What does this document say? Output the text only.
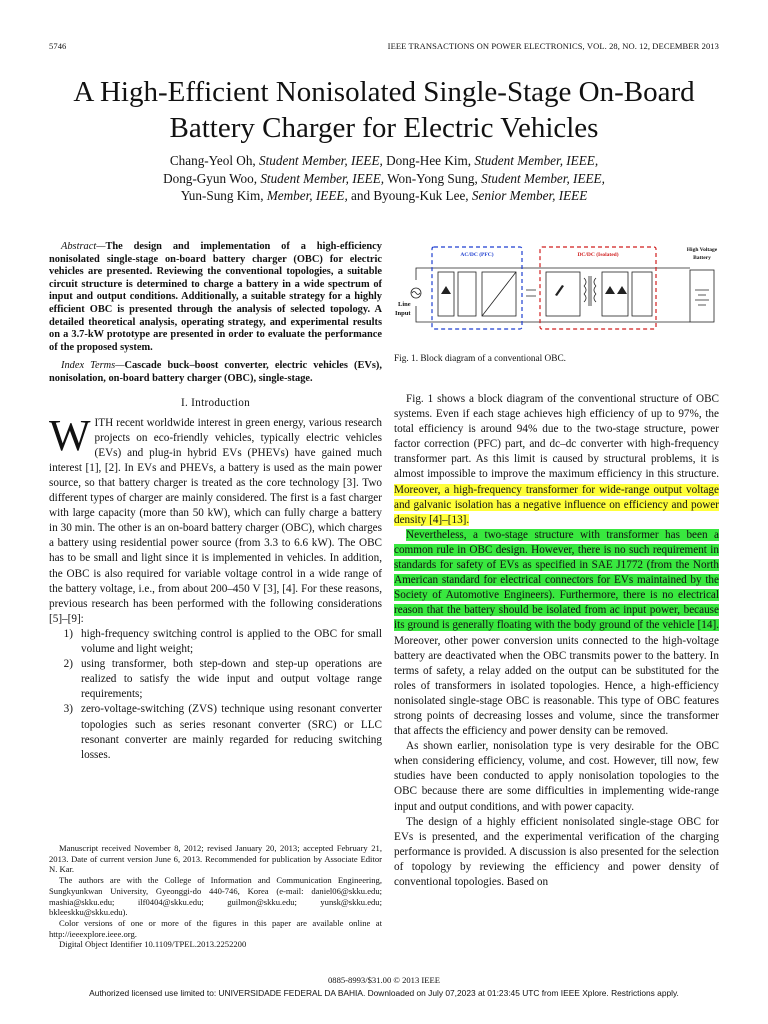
5746	IEEE TRANSACTIONS ON POWER ELECTRONICS, VOL. 28, NO. 12, DECEMBER 2013
A High-Efficient Nonisolated Single-Stage On-Board
Battery Charger for Electric Vehicles
Chang-Yeol Oh, Student Member, IEEE, Dong-Hee Kim, Student Member, IEEE,
Dong-Gyun Woo, Student Member, IEEE, Won-Yong Sung, Student Member, IEEE,
Yun-Sung Kim, Member, IEEE, and Byoung-Kuk Lee, Senior Member, IEEE

Abstract—The design and implementation of a high-efficiency nonisolated single-stage on-board battery charger (OBC) for electric vehicles are presented. Reviewing the conventional topologies, a suitable circuit structure is determined to charge a battery in a wide spectrum of input and output conditions. Additionally, a suitable strategy for a highly efficient OBC is presented through the analysis of selected topology. A detailed theoretical analysis, operating strategy, and experimental results on a 3.7-kW prototype are presented in order to evaluate the performance of the proposed system.

Index Terms—Cascade buck–boost converter, electric vehicles (EVs), nonisolation, on-board battery charger (OBC), single-stage.

I. Introduction

WITH recent worldwide interest in green energy, various research projects on eco-friendly vehicles, typically electric vehicles (EVs) and plug-in hybrid EVs (PHEVs) have gained much interest [1], [2]. In EVs and PHEVs, a battery is used as the main power source, so that battery charger is treated as the core technology [3]. Two different types of charger are mainly considered. The first is a fast charger with large capacity (more than 50 kW), which can fully charge a battery in 30 min. The other is an on-board battery charger (OBC), which charges a battery using residential power source (from 3.3 to 6.6 kW). The OBC has to be small and light since it is implemented in vehicles. In addition, the OBC is also required for variable voltage control in a wide range of the battery voltage, i.e., from about 200–450 V [3], [4]. For these reasons, previous research has been performed with the following considerations [5]–[9]:

1) high-frequency switching control is applied to the OBC for small volume and light weight;
2) using transformer, both step-down and step-up operations are realized to satisfy the wide input and output voltage range requirements;
3) zero-voltage-switching (ZVS) technique using resonant converter topologies such as series resonant converter (SRC) or LLC resonant converter are mainly regarded for reducing switching losses.

Manuscript received November 8, 2012; revised January 20, 2013; accepted February 21, 2013. Date of current version June 6, 2013. Recommended for publication by Associate Editor N. Kar.

The authors are with the College of Information and Communication Engineering, Sungkyunkwan University, Gyeonggi-do 440-746, Korea (e-mail: daniel06@skku.edu; mashia@skku.edu; ilf0404@skku.edu; guilmon@skku.edu; yunsk@skku.edu; bkleeskku@skku.edu).

Color versions of one or more of the figures in this paper are available online at http://ieeexplore.ieee.org.

Digital Object Identifier 10.1109/TPEL.2013.2252200

AC/DC (PFC)	DC/DC (Isolated)
High Voltage
Battery
Line
Input
Fig. 1. Block diagram of a conventional OBC.

Fig. 1 shows a block diagram of the conventional structure of OBC systems. Even if each stage achieves high efficiency of up to 97%, the total efficiency is around 94% due to the two-stage structure, power factor correction (PFC) part, and dc–dc converter with high-frequency transformer part. As this limit is caused by structural problems, it is almost impossible to improve the maximum efficiency in this structure. Moreover, a high-frequency transformer for wide-range output voltage and galvanic isolation has a negative influence on efficiency and power density [4]–[13].

Nevertheless, a two-stage structure with transformer has been a common rule in OBC design. However, there is no such requirement in standards for safety of EVs as specified in SAE J1772 (from the North American standard for electrical connectors for EVs maintained by the Society of Automotive Engineers). Furthermore, there is no electrical reason that the battery should be isolated from ac input power, because its ground is generally floating with the body ground of the vehicle [14]. Moreover, other power conversion units connected to the high-voltage battery are deactivated when the OBC transmits power to the battery. In terms of safety, a relay added on the output can be substituted for the roles of transformers in isolated topologies. Hence, a high-efficiency nonisolated single-stage OBC is reasonable. This type of OBC features strong points of decreasing losses and volume, since the transformer that affects the efficiency and power density can be removed.

As shown earlier, nonisolation type is very desirable for the OBC when considering efficiency, volume, and cost. However, till now, few studies have been conducted to apply nonisolation topologies to the OBC because there are some difficulties in implementing wide-range input and output conditions, and with power capacity.

The design of a highly efficient nonisolated single-stage OBC for EVs is presented, and the experimental verification of the charging performance is provided. A discussion is also presented for the selection of topology by reviewing the efficiency and power density of conventional topologies. Based on

0885-8993/$31.00 © 2013 IEEE
Authorized licensed use limited to: UNIVERSIDADE FEDERAL DA BAHIA. Downloaded on July 07,2023 at 01:23:45 UTC from IEEE Xplore. Restrictions apply.
